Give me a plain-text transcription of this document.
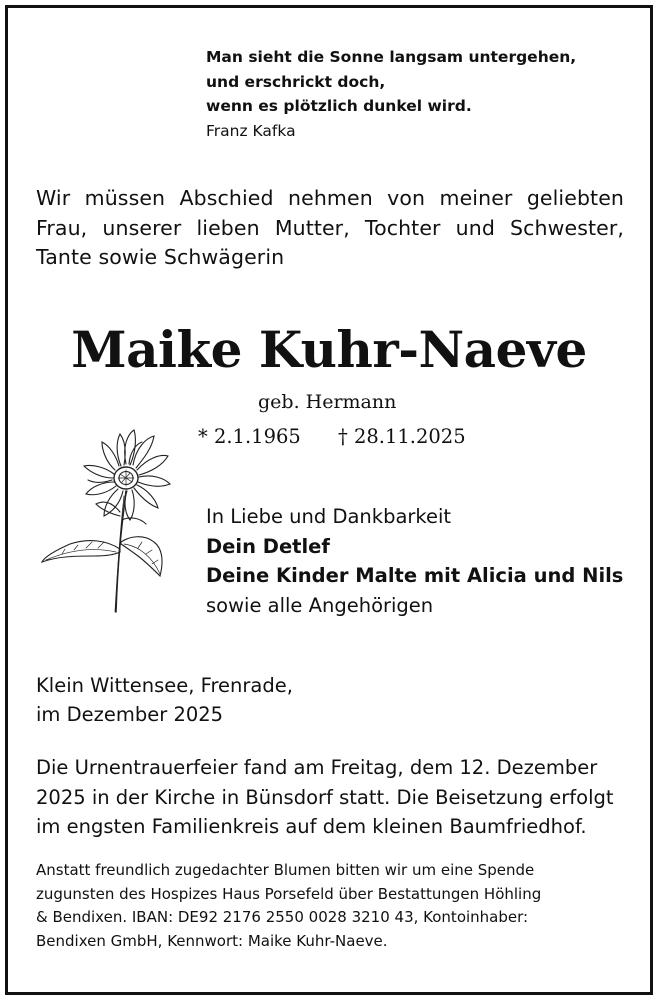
Man sieht die Sonne langsam untergehen,
und erschrickt doch,
wenn es plötzlich dunkel wird.
Franz Kafka
Wir müssen Abschied nehmen von meiner geliebten
Frau, unserer lieben Mutter, Tochter und Schwester,
Tante sowie Schwägerin
Maike Kuhr-Naeve
geb. Hermann
* 2.1.1965 † 28.11.2025
In Liebe und Dankbarkeit
Dein Detlef
Deine Kinder Malte mit Alicia und Nils
sowie alle Angehörigen
Klein Wittensee, Frenrade,
im Dezember 2025
Die Urnentrauerfeier fand am Freitag, dem 12. Dezember
2025 in der Kirche in Bünsdorf statt. Die Beisetzung erfolgt
im engsten Familienkreis auf dem kleinen Baumfriedhof.
Anstatt freundlich zugedachter Blumen bitten wir um eine Spende
zugunsten des Hospizes Haus Porsefeld über Bestattungen Höhling
& Bendixen. IBAN: DE92 2176 2550 0028 3210 43, Kontoinhaber:
Bendixen GmbH, Kennwort: Maike Kuhr-Naeve.
